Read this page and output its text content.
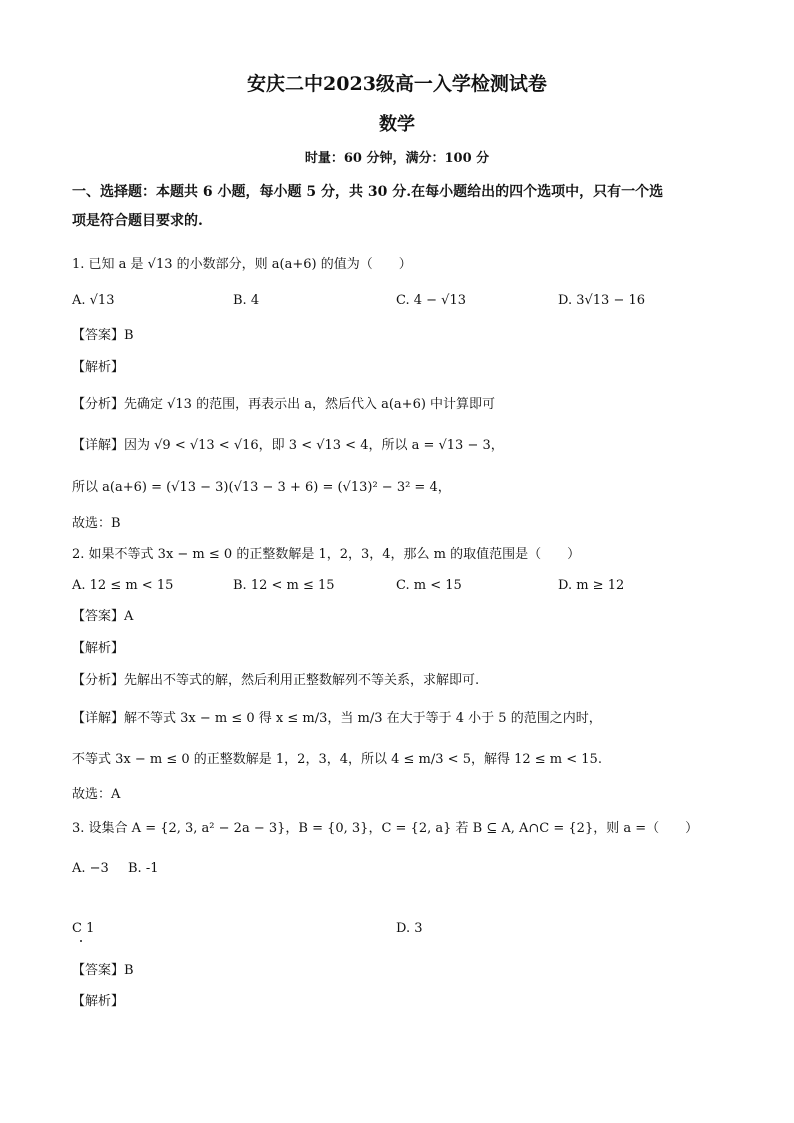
安庆二中2023级高一入学检测试卷
数学
时量：60 分钟，满分：100 分
一、选择题：本题共 6 小题，每小题 5 分，共 30 分.在每小题给出的四个选项中，只有一个选
项是符合题目要求的.
1. 已知 a 是 √13 的小数部分，则 a(a+6) 的值为（　　）
A. √13	B. 4	C. 4 − √13	D. 3√13 − 16
【答案】B
【解析】
【分析】先确定 √13 的范围，再表示出 a，然后代入 a(a+6) 中计算即可
【详解】因为 √9 < √13 < √16，即 3 < √13 < 4，所以 a = √13 − 3，
所以 a(a+6) = (√13 − 3)(√13 − 3 + 6) = (√13)² − 3² = 4，
故选：B
2. 如果不等式 3x − m ≤ 0 的正整数解是 1，2，3，4，那么 m 的取值范围是（　　）
A. 12 ≤ m < 15	B. 12 < m ≤ 15	C. m < 15	D. m ≥ 12
【答案】A
【解析】
【分析】先解出不等式的解，然后利用正整数解列不等关系，求解即可.
【详解】解不等式 3x − m ≤ 0 得 x ≤ m/3，当 m/3 在大于等于 4 小于 5 的范围之内时，
不等式 3x − m ≤ 0 的正整数解是 1，2，3，4，所以 4 ≤ m/3 < 5，解得 12 ≤ m < 15.
故选：A
3. 设集合 A = {2, 3, a² − 2a − 3}，B = {0, 3}，C = {2, a} 若 B ⊆ A, A∩C = {2}，则 a =（　　）
A. −3 B. -1
C 1	D. 3
【答案】B
【解析】
